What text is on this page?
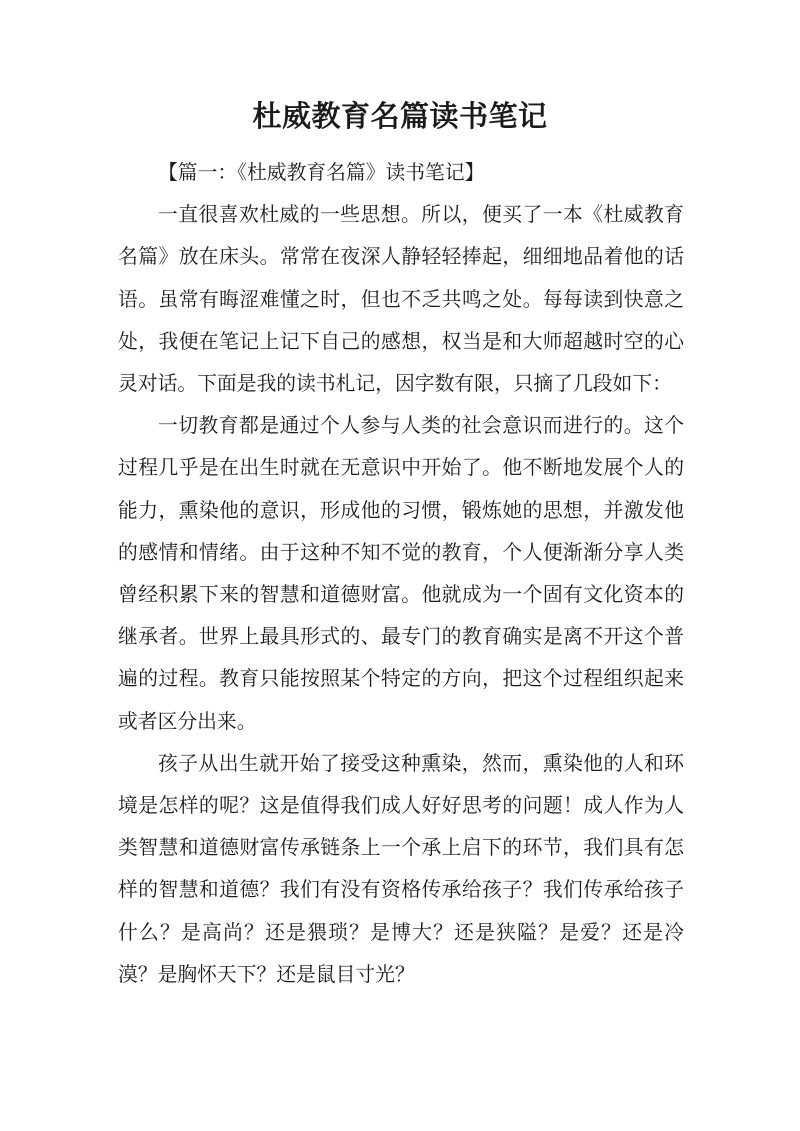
杜威教育名篇读书笔记

【篇一：《杜威教育名篇》读书笔记】

一直很喜欢杜威的一些思想。所以，便买了一本《杜威教育名篇》放在床头。常常在夜深人静轻轻捧起，细细地品着他的话语。虽常有晦涩难懂之时，但也不乏共鸣之处。每每读到快意之处，我便在笔记上记下自己的感想，权当是和大师超越时空的心灵对话。下面是我的读书札记，因字数有限，只摘了几段如下：

一切教育都是通过个人参与人类的社会意识而进行的。这个过程几乎是在出生时就在无意识中开始了。他不断地发展个人的能力，熏染他的意识，形成他的习惯，锻炼她的思想，并激发他的感情和情绪。由于这种不知不觉的教育，个人便渐渐分享人类曾经积累下来的智慧和道德财富。他就成为一个固有文化资本的继承者。世界上最具形式的、最专门的教育确实是离不开这个普遍的过程。教育只能按照某个特定的方向，把这个过程组织起来或者区分出来。

孩子从出生就开始了接受这种熏染，然而，熏染他的人和环境是怎样的呢？这是值得我们成人好好思考的问题！成人作为人类智慧和道德财富传承链条上一个承上启下的环节，我们具有怎样的智慧和道德？我们有没有资格传承给孩子？我们传承给孩子什么？是高尚？还是猥琐？是博大？还是狭隘？是爱？还是冷漠？是胸怀天下？还是鼠目寸光？
